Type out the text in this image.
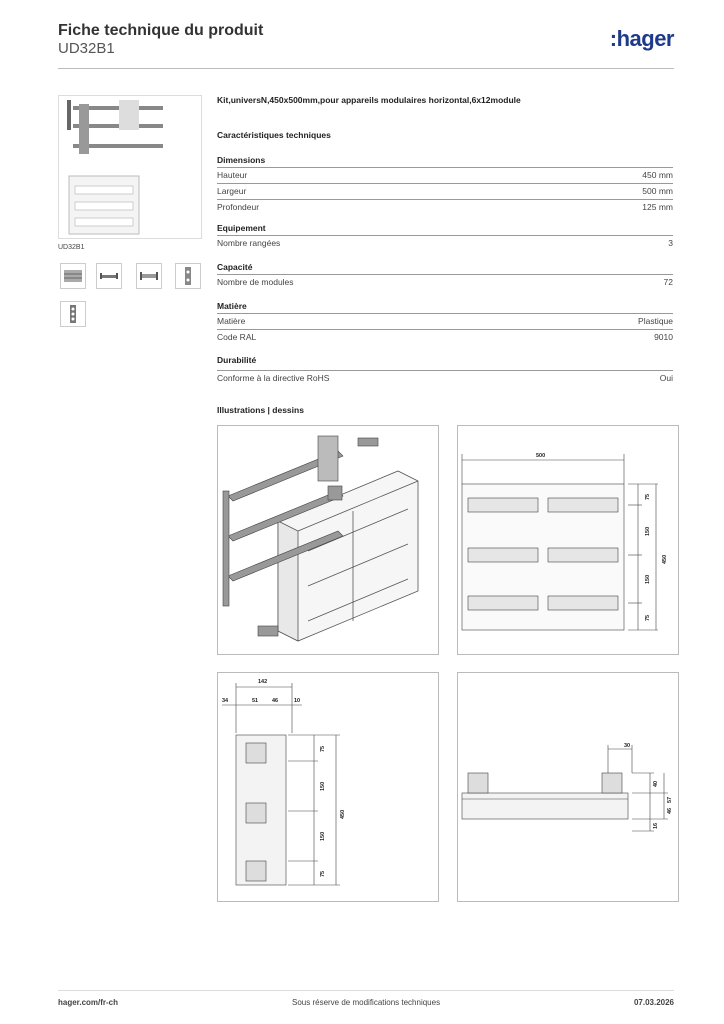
Fiche technique du produit
UD32B1	:hager
UD32B1
Kit,universN,450x500mm,pour appareils modulaires horizontal,6x12module
Caractéristiques techniques
Dimensions
Hauteur	450 mm
Largeur	500 mm
Profondeur	125 mm
Equipement
Nombre rangées	3
Capacité
Nombre de modules	72
Matière
Matière	Plastique
Code RAL	9010
Durabilité
Conforme à la directive RoHS	Oui
Illustrations | dessins
500
75
150
150
75
450
142
34	51	46	10
75
150
150
75
450
30
40
57
46
16
hager.com/fr-ch	Sous réserve de modifications techniques	07.03.2026
